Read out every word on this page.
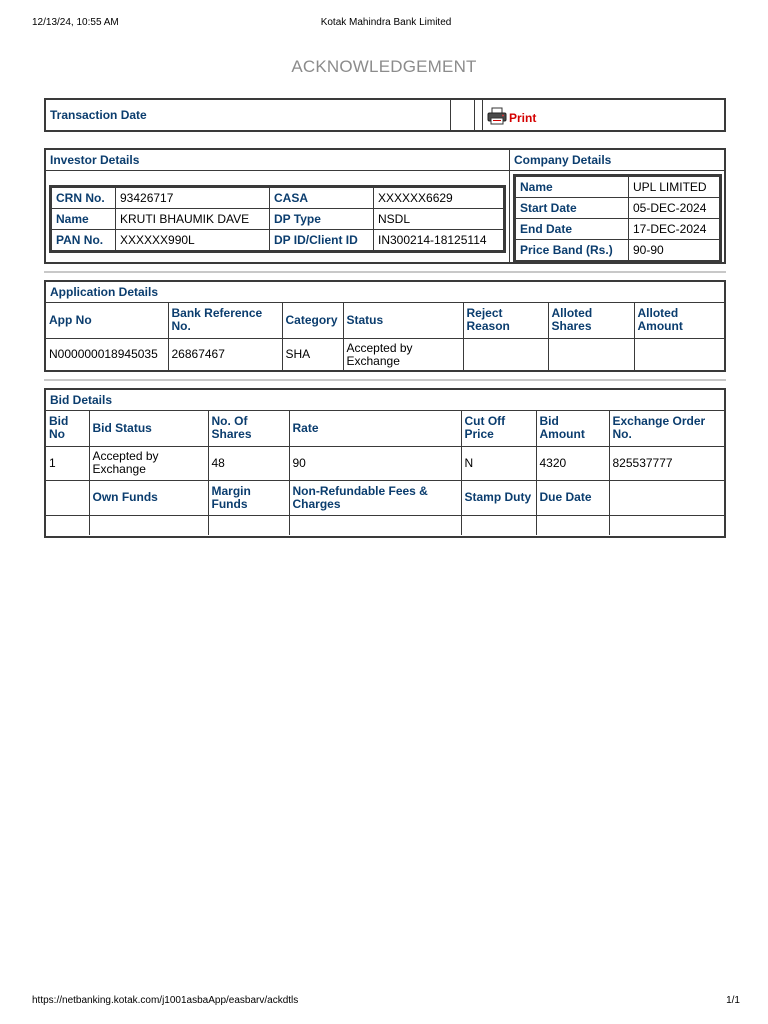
12/13/24, 10:55 AM	Kotak Mahindra Bank Limited
ACKNOWLEDGEMENT
Transaction Date	Print
Investor Details
CRN No.	93426717	CASA	XXXXXX6629
Name	KRUTI BHAUMIK DAVE	DP Type	NSDL
PAN No.	XXXXXX990L	DP ID/Client ID	IN300214-18125114
Company Details
Name	UPL LIMITED
Start Date	05-DEC-2024
End Date	17-DEC-2024
Price Band (Rs.)	90-90
Application Details
App No	Bank Reference No.	Category	Status	Reject Reason	Alloted Shares	Alloted Amount
N000000018945035	26867467	SHA	Accepted by Exchange			
Bid Details
Bid No	Bid Status	No. Of Shares	Rate	Cut Off Price	Bid Amount	Exchange Order No.
1	Accepted by Exchange	48	90	N	4320	825537777
	Own Funds	Margin Funds	Non-Refundable Fees & Charges	Stamp Duty	Due Date	

https://netbanking.kotak.com/j1001asbaApp/easbarv/ackdtls	1/1
